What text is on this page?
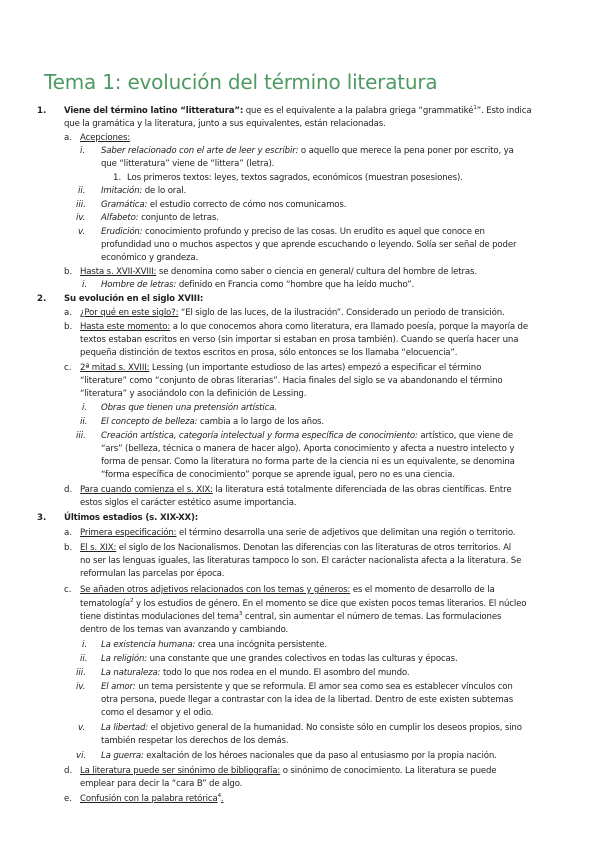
Tema 1: evolución del término literatura
1. Viene del término latino “litteratura”: que es el equivalente a la palabra griega “grammatiké$^1$”. Esto indica
que la gramática y la literatura, junto a sus equivalentes, están relacionadas.
a. Acepciones:
i. Saber relacionado con el arte de leer y escribir: o aquello que merece la pena poner por escrito, ya
que “litteratura” viene de “littera” (letra).
1. Los primeros textos: leyes, textos sagrados, económicos (muestran posesiones).
ii. Imitación: de lo oral.
iii. Gramática: el estudio correcto de cómo nos comunicamos.
iv. Alfabeto: conjunto de letras.
v. Erudición: conocimiento profundo y preciso de las cosas. Un erudito es aquel que conoce en
profundidad uno o muchos aspectos y que aprende escuchando o leyendo. Solía ser señal de poder
económico y grandeza.
b. Hasta s. XVII-XVIII: se denomina como saber o ciencia en general/ cultura del hombre de letras.
i. Hombre de letras: definido en Francia como “hombre que ha leído mucho”.
2. Su evolución en el siglo XVIII:
a. ¿Por qué en este siglo?: “El siglo de las luces, de la ilustración”. Considerado un periodo de transición.
b. Hasta este momento: a lo que conocemos ahora como literatura, era llamado poesía, porque la mayoría de
textos estaban escritos en verso (sin importar si estaban en prosa también). Cuando se quería hacer una
pequeña distinción de textos escritos en prosa, sólo entonces se los llamaba “elocuencia”.
c. 2ª mitad s. XVIII: Lessing (un importante estudioso de las artes) empezó a especificar el término
“literature” como “conjunto de obras literarias”. Hacia finales del siglo se va abandonando el término
“literatura” y asociándolo con la definición de Lessing.
i. Obras que tienen una pretensión artística.
ii. El concepto de belleza: cambia a lo largo de los años.
iii. Creación artística, categoría intelectual y forma específica de conocimiento: artístico, que viene de
“ars” (belleza, técnica o manera de hacer algo). Aporta conocimiento y afecta a nuestro intelecto y
forma de pensar. Como la literatura no forma parte de la ciencia ni es un equivalente, se denomina
“forma específica de conocimiento” porque se aprende igual, pero no es una ciencia.
d. Para cuando comienza el s. XIX: la literatura está totalmente diferenciada de las obras científicas. Entre
estos siglos el carácter estético asume importancia.
3. Últimos estadios (s. XIX-XX):
a. Primera especificación: el término desarrolla una serie de adjetivos que delimitan una región o territorio.
b. El s. XIX: el siglo de los Nacionalismos. Denotan las diferencias con las literaturas de otros territorios. Al
no ser las lenguas iguales, las literaturas tampoco lo son. El carácter nacionalista afecta a la literatura. Se
reformulan las parcelas por época.
c. Se añaden otros adjetivos relacionados con los temas y géneros: es el momento de desarrollo de la
tematología$^2$ y los estudios de género. En el momento se dice que existen pocos temas literarios. El núcleo
tiene distintas modulaciones del tema$^3$ central, sin aumentar el número de temas. Las formulaciones
dentro de los temas van avanzando y cambiando.
i. La existencia humana: crea una incógnita persistente.
ii. La religión: una constante que une grandes colectivos en todas las culturas y épocas.
iii. La naturaleza: todo lo que nos rodea en el mundo. El asombro del mundo.
iv. El amor: un tema persistente y que se reformula. El amor sea como sea es establecer vínculos con
otra persona, puede llegar a contrastar con la idea de la libertad. Dentro de este existen subtemas
como el desamor y el odio.
v. La libertad: el objetivo general de la humanidad. No consiste sólo en cumplir los deseos propios, sino
también respetar los derechos de los demás.
vi. La guerra: exaltación de los héroes nacionales que da paso al entusiasmo por la propia nación.
d. La literatura puede ser sinónimo de bibliografía: o sinónimo de conocimiento. La literatura se puede
emplear para decir la “cara B” de algo.
e. Confusión con la palabra retórica$^4$.
